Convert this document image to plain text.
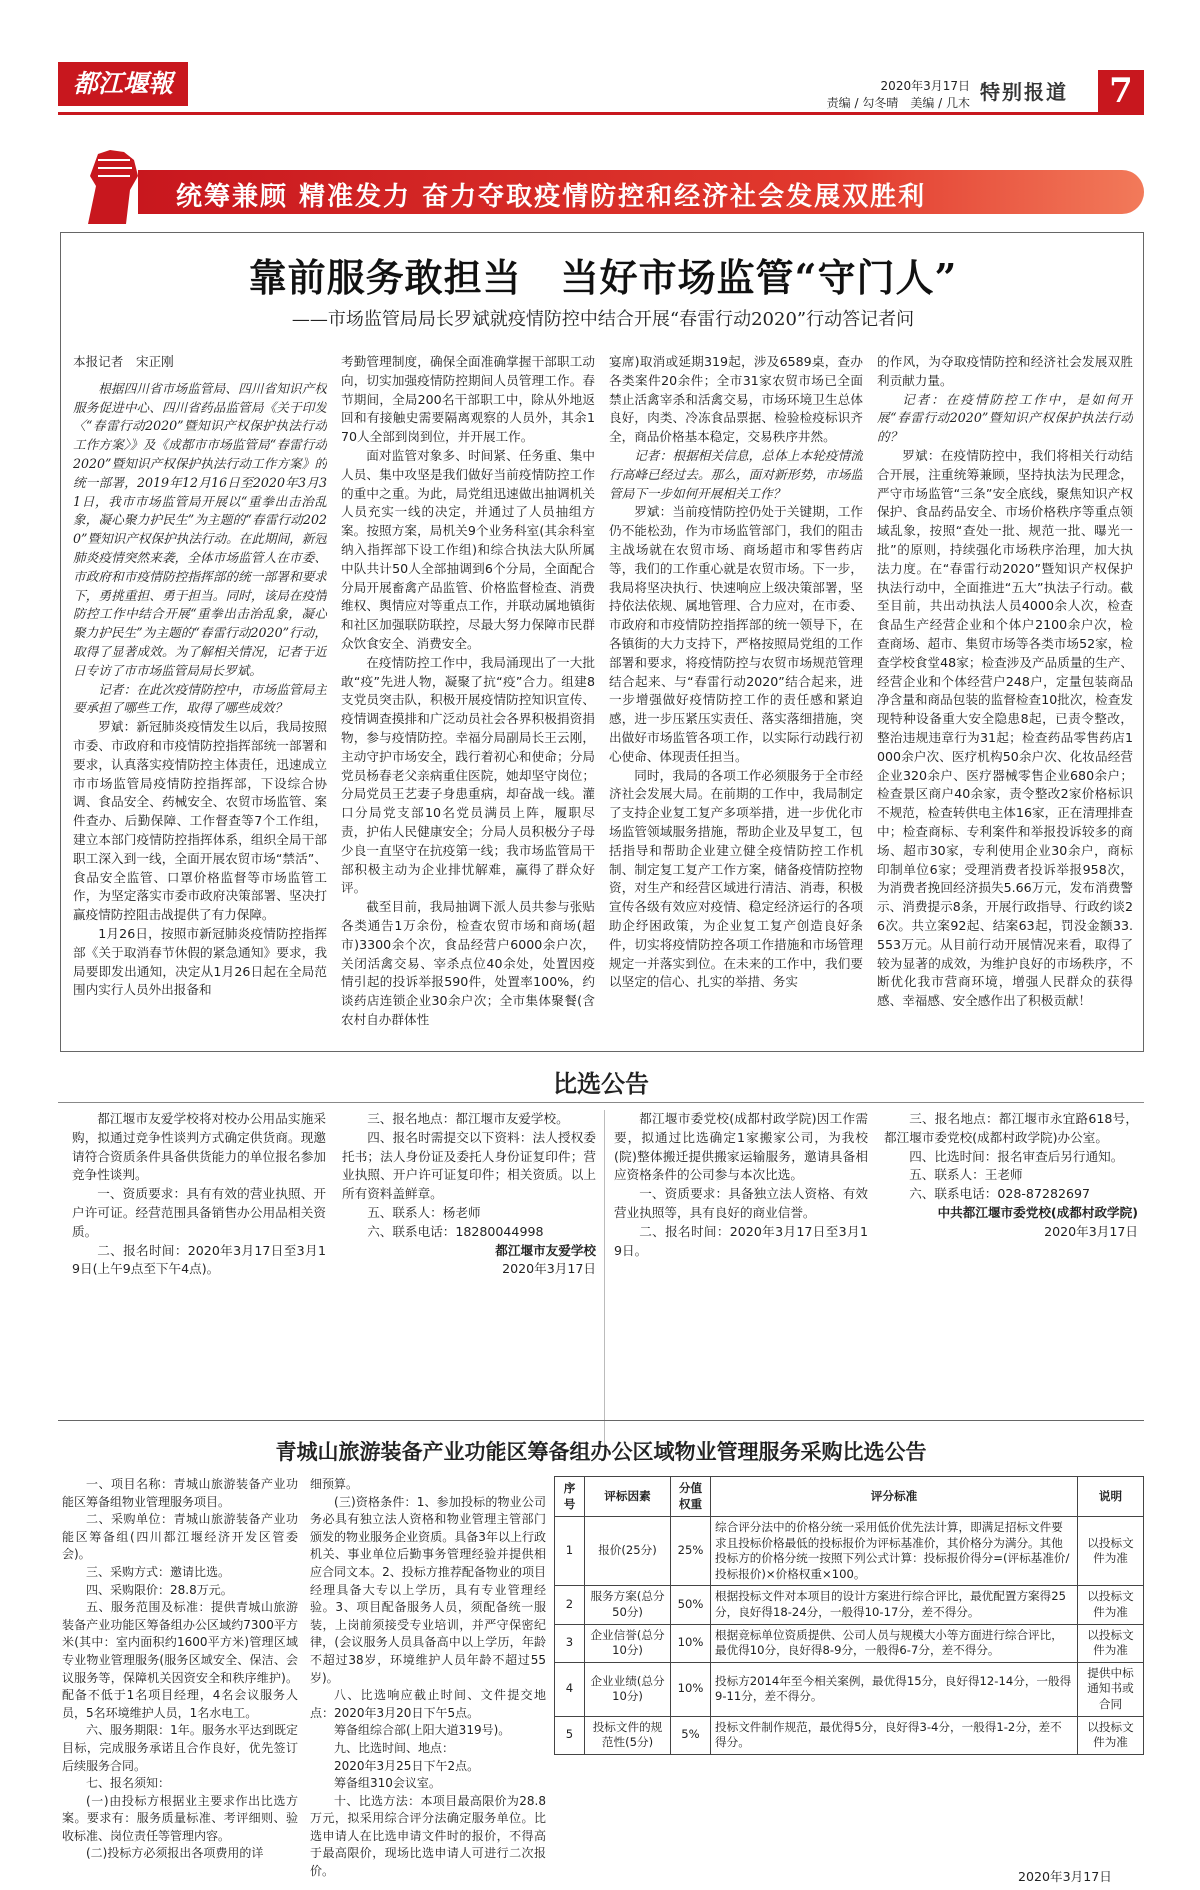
都江堰報	2020年3月17日
责编 / 勾冬晴　美编 / 几木 特别报道	7
统筹兼顾 精准发力 奋力夺取疫情防控和经济社会发展双胜利
靠前服务敢担当　当好市场监管“守门人”
——市场监管局局长罗斌就疫情防控中结合开展“春雷行动2020”行动答记者问

本报记者　宋正刚

根据四川省市场监管局、四川省知识产权服务促进中心、四川省药品监管局《关于印发〈“春雷行动2020”暨知识产权保护执法行动工作方案〉》及《成都市市场监管局“春雷行动2020”暨知识产权保护执法行动工作方案》的统一部署，2019年12月16日至2020年3月31日，我市市场监管局开展以“重拳出击治乱象，凝心聚力护民生”为主题的“春雷行动2020”暨知识产权保护执法行动。在此期间，新冠肺炎疫情突然来袭，全体市场监管人在市委、市政府和市疫情防控指挥部的统一部署和要求下，勇挑重担、勇于担当。同时，该局在疫情防控工作中结合开展“重拳出击治乱象，凝心聚力护民生”为主题的“春雷行动2020”行动，取得了显著成效。为了解相关情况，记者于近日专访了市市场监管局局长罗斌。

记者：在此次疫情防控中，市场监管局主要承担了哪些工作，取得了哪些成效？

罗斌：新冠肺炎疫情发生以后，我局按照市委、市政府和市疫情防控指挥部统一部署和要求，认真落实疫情防控主体责任，迅速成立市市场监管局疫情防控指挥部，下设综合协调、食品安全、药械安全、农贸市场监管、案件查办、后勤保障、工作督查等7个工作组，建立本部门疫情防控指挥体系，组织全局干部职工深入到一线，全面开展农贸市场“禁活”、食品安全监管、口罩价格监督等市场监管工作，为坚定落实市委市政府决策部署、坚决打赢疫情防控阻击战提供了有力保障。

1月26日，按照市新冠肺炎疫情防控指挥部《关于取消春节休假的紧急通知》要求，我局要即发出通知，决定从1月26日起在全局范围内实行人员外出报备和

考勤管理制度，确保全面准确掌握干部职工动向，切实加强疫情防控期间人员管理工作。春节期间，全局200名干部职工中，除从外地返回和有接触史需要隔离观察的人员外，其余170人全部到岗到位，并开展工作。

面对监管对象多、时间紧、任务重、集中人员、集中攻坚是我们做好当前疫情防控工作的重中之重。为此，局党组迅速做出抽调机关人员充实一线的决定，并通过了人员抽组方案。按照方案，局机关9个业务科室(其余科室纳入指挥部下设工作组)和综合执法大队所属中队共计50人全部抽调到6个分局，全面配合分局开展畜禽产品监管、价格监督检查、消费维权、舆情应对等重点工作，并联动属地镇街和社区加强联防联控，尽最大努力保障市民群众饮食安全、消费安全。

在疫情防控工作中，我局涌现出了一大批敢“疫”先进人物，凝聚了抗“疫”合力。组建8支党员突击队，积极开展疫情防控知识宣传、疫情调查摸排和广泛动员社会各界积极捐资捐物，参与疫情防控。幸福分局副局长王云刚，主动守护市场安全，践行着初心和使命；分局党员杨春老父亲病重住医院，她却坚守岗位；分局党员王艺妻子身患重病，却奋战一线。灌口分局党支部10名党员满员上阵，履职尽责，护佑人民健康安全；分局人员积极分子母少良一直坚守在抗疫第一线；我市场监管局干部积极主动为企业排忧解难，赢得了群众好评。

截至目前，我局抽调下派人员共参与张贴各类通告1万余份，检查农贸市场和商场(超市)3300余个次，食品经营户6000余户次，关闭活禽交易、宰杀点位40余处，处置因疫情引起的投诉举报590件，处置率100%，约谈药店连锁企业30余户次；全市集体聚餐(含农村自办群体性

宴席)取消或延期319起，涉及6589桌，查办各类案件20余件；全市31家农贸市场已全面禁止活禽宰杀和活禽交易，市场环境卫生总体良好，肉类、冷冻食品票据、检验检疫标识齐全，商品价格基本稳定，交易秩序井然。

记者：根据相关信息，总体上本轮疫情流行高峰已经过去。那么，面对新形势，市场监管局下一步如何开展相关工作？

罗斌：当前疫情防控仍处于关键期，工作仍不能松劲，作为市场监管部门，我们的阻击主战场就在农贸市场、商场超市和零售药店等，我们的工作重心就是农贸市场。下一步，我局将坚决执行、快速响应上级决策部署，坚持依法依规、属地管理、合力应对，在市委、市政府和市疫情防控指挥部的统一领导下，在各镇街的大力支持下，严格按照局党组的工作部署和要求，将疫情防控与农贸市场规范管理结合起来、与“春雷行动2020”结合起来，进一步增强做好疫情防控工作的责任感和紧迫感，进一步压紧压实责任、落实落细措施，突出做好市场监管各项工作，以实际行动践行初心使命、体现责任担当。

同时，我局的各项工作必须服务于全市经济社会发展大局。在前期的工作中，我局制定了支持企业复工复产多项举措，进一步优化市场监管领域服务措施，帮助企业及早复工，包括指导和帮助企业建立健全疫情防控工作机制、制定复工复产工作方案，储备疫情防控物资，对生产和经营区域进行清洁、消毒，积极宣传各级有效应对疫情、稳定经济运行的各项助企纾困政策，为企业复工复产创造良好条件，切实将疫情防控各项工作措施和市场管理规定一并落实到位。在未来的工作中，我们要以坚定的信心、扎实的举措、务实

的作风，为夺取疫情防控和经济社会发展双胜利贡献力量。

记者：在疫情防控工作中，是如何开展“春雷行动2020”暨知识产权保护执法行动的？

罗斌：在疫情防控中，我们将相关行动结合开展，注重统筹兼顾，坚持执法为民理念，严守市场监管“三条”安全底线，聚焦知识产权保护、食品药品安全、市场价格秩序等重点领域乱象，按照“查处一批、规范一批、曝光一批”的原则，持续强化市场秩序治理，加大执法力度。在“春雷行动2020”暨知识产权保护执法行动中，全面推进“五大”执法子行动。截至目前，共出动执法人员4000余人次，检查食品生产经营企业和个体户2100余户次，检查商场、超市、集贸市场等各类市场52家，检查学校食堂48家；检查涉及产品质量的生产、经营企业和个体经营户248户，定量包装商品净含量和商品包装的监督检查10批次，检查发现特种设备重大安全隐患8起，已责令整改，整治违规违章行为31起；检查药品零售药店1000余户次、医疗机构50余户次、化妆品经营企业320余户、医疗器械零售企业680余户；检查景区商户40余家，责令整改2家价格标识不规范，检查转供电主体16家，正在清理排查中；检查商标、专利案件和举报投诉较多的商场、超市30家，专利使用企业30余户，商标印制单位6家；受理消费者投诉举报958次，为消费者挽回经济损失5.66万元，发布消费警示、消费提示8条，开展行政指导、行政约谈26次。共立案92起、结案63起，罚没金额33.553万元。从目前行动开展情况来看，取得了较为显著的成效，为维护良好的市场秩序，不断优化我市营商环境，增强人民群众的获得感、幸福感、安全感作出了积极贡献！

比选公告

都江堰市友爱学校将对校办公用品实施采购，拟通过竞争性谈判方式确定供货商。现邀请符合资质条件具备供货能力的单位报名参加竞争性谈判。

一、资质要求：具有有效的营业执照、开户许可证。经营范围具备销售办公用品相关资质。

二、报名时间：2020年3月17日至3月19日(上午9点至下午4点)。

三、报名地点：都江堰市友爱学校。

四、报名时需提交以下资料：法人授权委托书；法人身份证及委托人身份证复印件；营业执照、开户许可证复印件；相关资质。以上所有资料盖鲜章。

五、联系人：杨老师

六、联系电话：18280044998

都江堰市友爱学校

2020年3月17日

都江堰市委党校(成都村政学院)因工作需要，拟通过比选确定1家搬家公司，为我校(院)整体搬迁提供搬家运输服务，邀请具备相应资格条件的公司参与本次比选。

一、资质要求：具备独立法人资格、有效营业执照等，具有良好的商业信誉。

二、报名时间：2020年3月17日至3月19日。

三、报名地点：都江堰市永宜路618号，都江堰市委党校(成都村政学院)办公室。

四、比选时间：报名审查后另行通知。

五、联系人：王老师

六、联系电话：028-87282697

中共都江堰市委党校(成都村政学院)

2020年3月17日

青城山旅游装备产业功能区筹备组办公区域物业管理服务采购比选公告

一、项目名称：青城山旅游装备产业功能区筹备组物业管理服务项目。

二、采购单位：青城山旅游装备产业功能区筹备组(四川都江堰经济开发区管委会)。

三、采购方式：邀请比选。

四、采购限价：28.8万元。

五、服务范围及标准：提供青城山旅游装备产业功能区筹备组办公区域约7300平方米(其中：室内面积约1600平方米)管理区域专业物业管理服务(服务区域安全、保洁、会议服务等，保障机关因资安全和秩序维护)。配备不低于1名项目经理，4名会议服务人员，5名环境维护人员，1名水电工。

六、服务期限：1年。服务水平达到既定目标，完成服务承诺且合作良好，优先签订后续服务合同。

七、报名须知：

(一)由投标方根据业主要求作出比选方案。要求有：服务质量标准、考评细则、验收标准、岗位责任等管理内容。

(二)投标方必须报出各项费用的详

细预算。

(三)资格条件：1、参加投标的物业公司务必具有独立法人资格和物业管理主管部门颁发的物业服务企业资质。具备3年以上行政机关、事业单位后勤事务管理经验并提供相应合同文本。2、投标方推荐配备物业的项目经理具备大专以上学历，具有专业管理经验。3、项目配备服务人员，须配备统一服装，上岗前须接受专业培训，并严守保密纪律，(会议服务人员具备高中以上学历，年龄不超过38岁，环境维护人员年龄不超过55岁)。

八、比选响应截止时间、文件提交地点：2020年3月20日下午5点。

筹备组综合部(上阳大道319号)。

九、比选时间、地点：

2020年3月25日下午2点。

筹备组310会议室。

十、比选方法：本项目最高限价为28.8万元，拟采用综合评分法确定服务单位。比选申请人在比选申请文件时的报价，不得高于最高限价，现场比选申请人可进行二次报价。

序号	评标因素	分值权重	评分标准	说明
1	报价(25分)	25%	综合评分法中的价格分统一采用低价优先法计算，即满足招标文件要求且投标价格最低的投标报价为评标基准价，其价格分为满分。其他投标方的价格分统一按照下列公式计算：投标报价得分=(评标基准价/投标报价)×价格权重×100。	以投标文件为准
2	服务方案(总分50分)	50%	根据投标文件对本项目的设计方案进行综合评比，最优配置方案得25分，良好得18-24分，一般得10-17分，差不得分。	以投标文件为准
3	企业信誉(总分10分)	10%	根据竞标单位资质提供、公司人员与规模大小等方面进行综合评比，最优得10分，良好得8-9分，一般得6-7分，差不得分。	以投标文件为准
4	企业业绩(总分10分)	10%	投标方2014年至今相关案例，最优得15分，良好得12-14分，一般得9-11分，差不得分。	提供中标通知书或合同
5	投标文件的规范性(5分)	5%	投标文件制作规范，最优得5分，良好得3-4分，一般得1-2分，差不得分。	以投标文件为准
2020年3月17日
